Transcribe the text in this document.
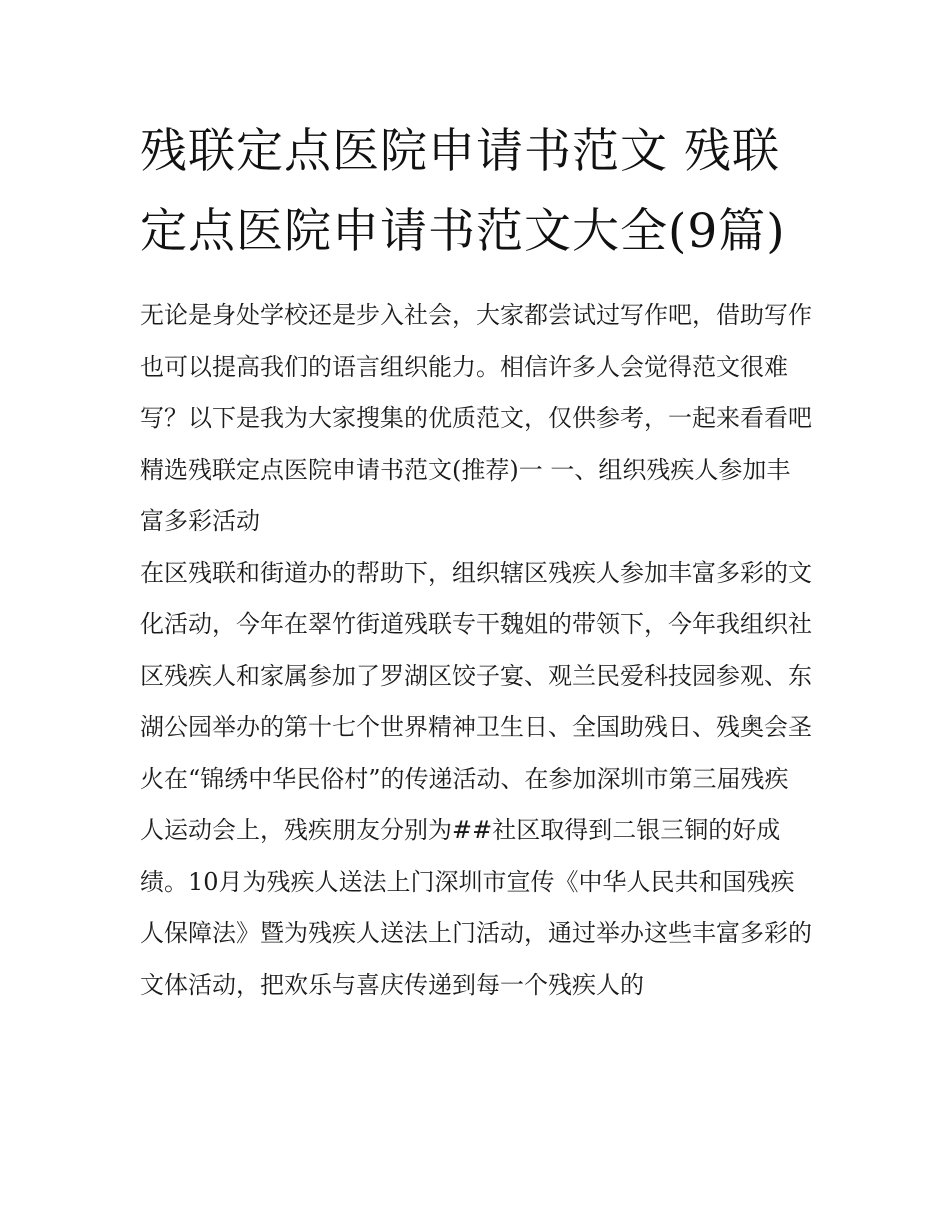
残联定点医院申请书范文 残联定点医院申请书范文大全(9篇)

无论是身处学校还是步入社会，大家都尝试过写作吧，借助写作也可以提高我们的语言组织能力。相信许多人会觉得范文很难写？以下是我为大家搜集的优质范文，仅供参考，一起来看看吧

精选残联定点医院申请书范文(推荐)一 一、组织残疾人参加丰富多彩活动

在区残联和街道办的帮助下，组织辖区残疾人参加丰富多彩的文化活动，今年在翠竹街道残联专干魏姐的带领下，今年我组织社区残疾人和家属参加了罗湖区饺子宴、观兰民爱科技园参观、东湖公园举办的第十七个世界精神卫生日、全国助残日、残奥会圣火在“锦绣中华民俗村”的传递活动、在参加深圳市第三届残疾人运动会上，残疾朋友分别为##社区取得到二银三铜的好成绩。10月为残疾人送法上门深圳市宣传《中华人民共和国残疾人保障法》暨为残疾人送法上门活动，通过举办这些丰富多彩的文体活动，把欢乐与喜庆传递到每一个残疾人的
